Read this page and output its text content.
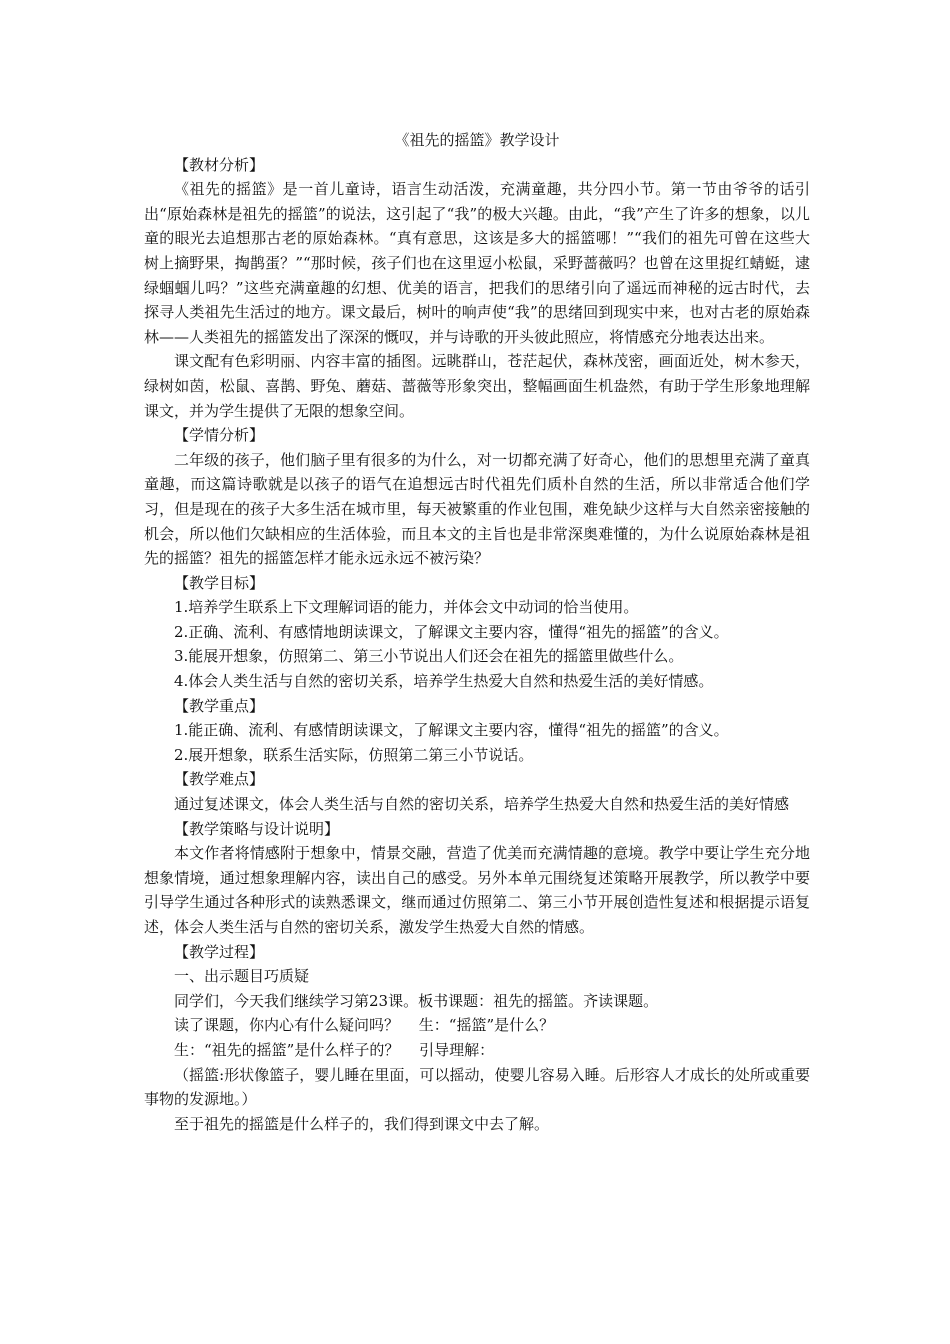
《祖先的摇篮》教学设计
【教材分析】

《祖先的摇篮》是一首儿童诗，语言生动活泼，充满童趣，共分四小节。第一节由爷爷的话引出“原始森林是祖先的摇篮”的说法，这引起了“我”的极大兴趣。由此，“我”产生了许多的想象，以儿童的眼光去追想那古老的原始森林。“真有意思，这该是多大的摇篮哪！”“我们的祖先可曾在这些大树上摘野果，掏鹊蛋？”“那时候，孩子们也在这里逗小松鼠，采野蔷薇吗？也曾在这里捉红蜻蜓，逮绿蝈蝈儿吗？”这些充满童趣的幻想、优美的语言，把我们的思绪引向了遥远而神秘的远古时代，去探寻人类祖先生活过的地方。课文最后，树叶的响声使“我”的思绪回到现实中来，也对古老的原始森林——人类祖先的摇篮发出了深深的慨叹，并与诗歌的开头彼此照应，将情感充分地表达出来。

课文配有色彩明丽、内容丰富的插图。远眺群山，苍茫起伏，森林茂密，画面近处，树木参天，绿树如茵，松鼠、喜鹊、野兔、蘑菇、蔷薇等形象突出，整幅画面生机盎然，有助于学生形象地理解课文，并为学生提供了无限的想象空间。

【学情分析】

二年级的孩子，他们脑子里有很多的为什么，对一切都充满了好奇心，他们的思想里充满了童真童趣，而这篇诗歌就是以孩子的语气在追想远古时代祖先们质朴自然的生活，所以非常适合他们学习，但是现在的孩子大多生活在城市里，每天被繁重的作业包围，难免缺少这样与大自然亲密接触的机会，所以他们欠缺相应的生活体验，而且本文的主旨也是非常深奥难懂的，为什么说原始森林是祖先的摇篮？祖先的摇篮怎样才能永远永远不被污染？

【教学目标】

1.培养学生联系上下文理解词语的能力，并体会文中动词的恰当使用。

2.正确、流利、有感情地朗读课文，了解课文主要内容，懂得“祖先的摇篮”的含义。

3.能展开想象，仿照第二、第三小节说出人们还会在祖先的摇篮里做些什么。

4.体会人类生活与自然的密切关系，培养学生热爱大自然和热爱生活的美好情感。

【教学重点】

1.能正确、流利、有感情朗读课文，了解课文主要内容，懂得“祖先的摇篮”的含义。

2.展开想象，联系生活实际，仿照第二第三小节说话。

【教学难点】

通过复述课文，体会人类生活与自然的密切关系，培养学生热爱大自然和热爱生活的美好情感

【教学策略与设计说明】

本文作者将情感附于想象中，情景交融，营造了优美而充满情趣的意境。教学中要让学生充分地想象情境，通过想象理解内容，读出自己的感受。另外本单元围绕复述策略开展教学，所以教学中要引导学生通过各种形式的读熟悉课文，继而通过仿照第二、第三小节开展创造性复述和根据提示语复述，体会人类生活与自然的密切关系，激发学生热爱大自然的情感。

【教学过程】

一、出示题目巧质疑

同学们，今天我们继续学习第23课。板书课题：祖先的摇篮。齐读课题。

读了课题，你内心有什么疑问吗？　 生：“摇篮”是什么？

生：“祖先的摇篮”是什么样子的？　 引导理解：

（摇篮:形状像篮子，婴儿睡在里面，可以摇动，使婴儿容易入睡。后形容人才成长的处所或重要事物的发源地。）

至于祖先的摇篮是什么样子的，我们得到课文中去了解。
